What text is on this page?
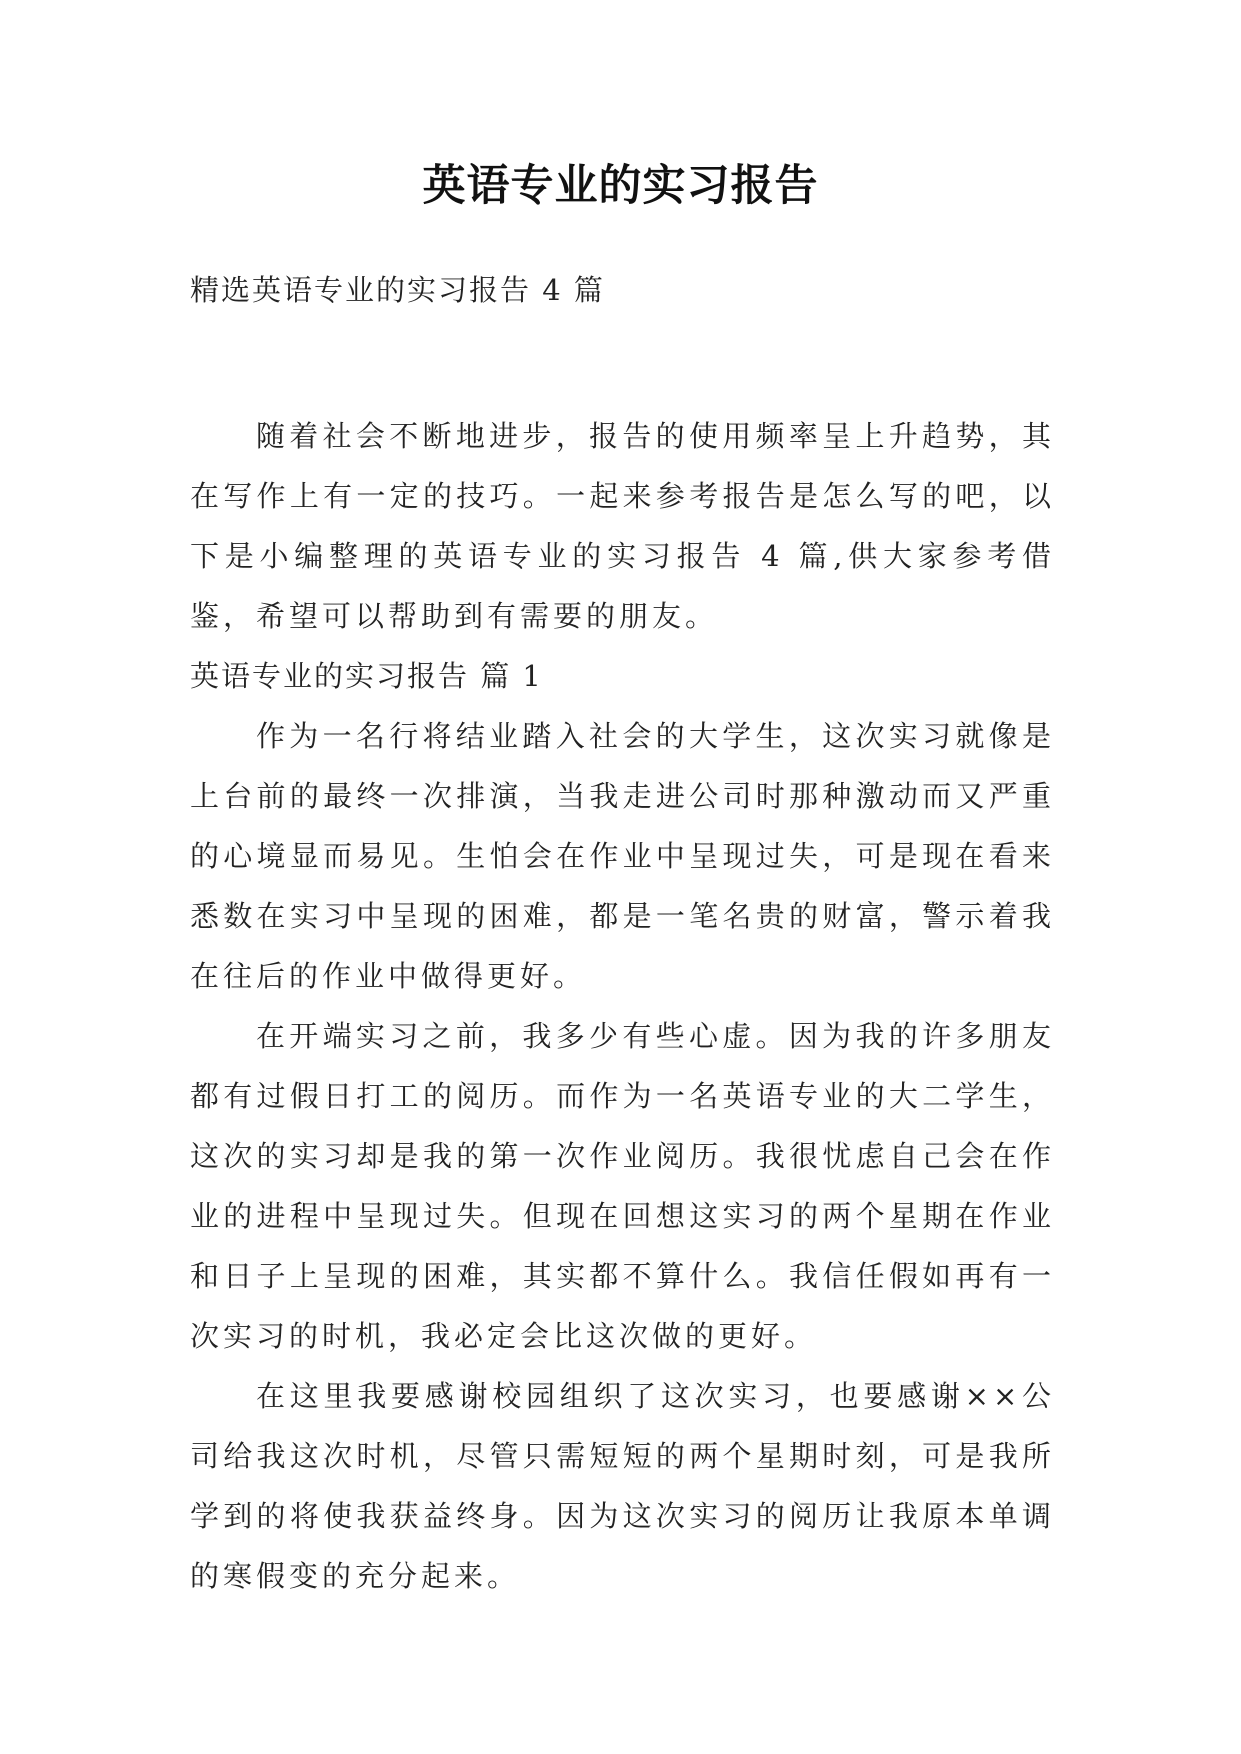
英语专业的实习报告
精选英语专业的实习报告 4 篇

随着社会不断地进步，报告的使用频率呈上升趋势，其在写作上有一定的技巧。一起来参考报告是怎么写的吧，以下是小编整理的英语专业的实习报告 4 篇,供大家参考借鉴，希望可以帮助到有需要的朋友。

英语专业的实习报告 篇 1

作为一名行将结业踏入社会的大学生，这次实习就像是上台前的最终一次排演，当我走进公司时那种激动而又严重的心境显而易见。生怕会在作业中呈现过失，可是现在看来悉数在实习中呈现的困难，都是一笔名贵的财富，警示着我在往后的作业中做得更好。

在开端实习之前，我多少有些心虚。因为我的许多朋友都有过假日打工的阅历。而作为一名英语专业的大二学生，这次的实习却是我的第一次作业阅历。我很忧虑自己会在作业的进程中呈现过失。但现在回想这实习的两个星期在作业和日子上呈现的困难，其实都不算什么。我信任假如再有一次实习的时机，我必定会比这次做的更好。

在这里我要感谢校园组织了这次实习，也要感谢××公司给我这次时机，尽管只需短短的两个星期时刻，可是我所学到的将使我获益终身。因为这次实习的阅历让我原本单调的寒假变的充分起来。
